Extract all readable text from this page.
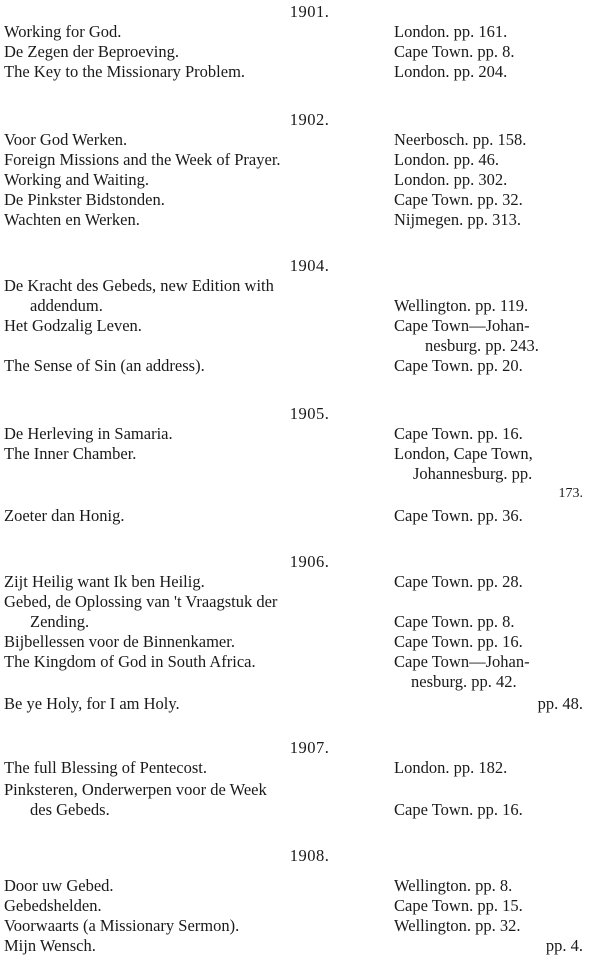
1901.
Working for God.	London. pp. 161.
De Zegen der Beproeving.	Cape Town. pp. 8.
The Key to the Missionary Problem.	London. pp. 204.
1902.
Voor God Werken.	Neerbosch. pp. 158.
Foreign Missions and the Week of Prayer.	London. pp. 46.
Working and Waiting.	London. pp. 302.
De Pinkster Bidstonden.	Cape Town. pp. 32.
Wachten en Werken.	Nijmegen. pp. 313.
1904.
De Kracht des Gebeds, new Edition with
addendum.	Wellington. pp. 119.
Het Godzalig Leven.	Cape Town—Johan-
nesburg. pp. 243.
The Sense of Sin (an address).	Cape Town. pp. 20.
1905.
De Herleving in Samaria.	Cape Town. pp. 16.
The Inner Chamber.	London, Cape Town,
Johannesburg. pp.
173.
Zoeter dan Honig.	Cape Town. pp. 36.
1906.
Zijt Heilig want Ik ben Heilig.	Cape Town. pp. 28.
Gebed, de Oplossing van 't Vraagstuk der
Zending.	Cape Town. pp. 8.
Bijbellessen voor de Binnenkamer.	Cape Town. pp. 16.
The Kingdom of God in South Africa.	Cape Town—Johan-
nesburg. pp. 42.
Be ye Holy, for I am Holy.	pp. 48.
1907.
The full Blessing of Pentecost.	London. pp. 182.
Pinksteren, Onderwerpen voor de Week
des Gebeds.	Cape Town. pp. 16.
1908.
Door uw Gebed.	Wellington. pp. 8.
Gebedshelden.	Cape Town. pp. 15.
Voorwaarts (a Missionary Sermon).	Wellington. pp. 32.
Mijn Wensch.	pp. 4.
